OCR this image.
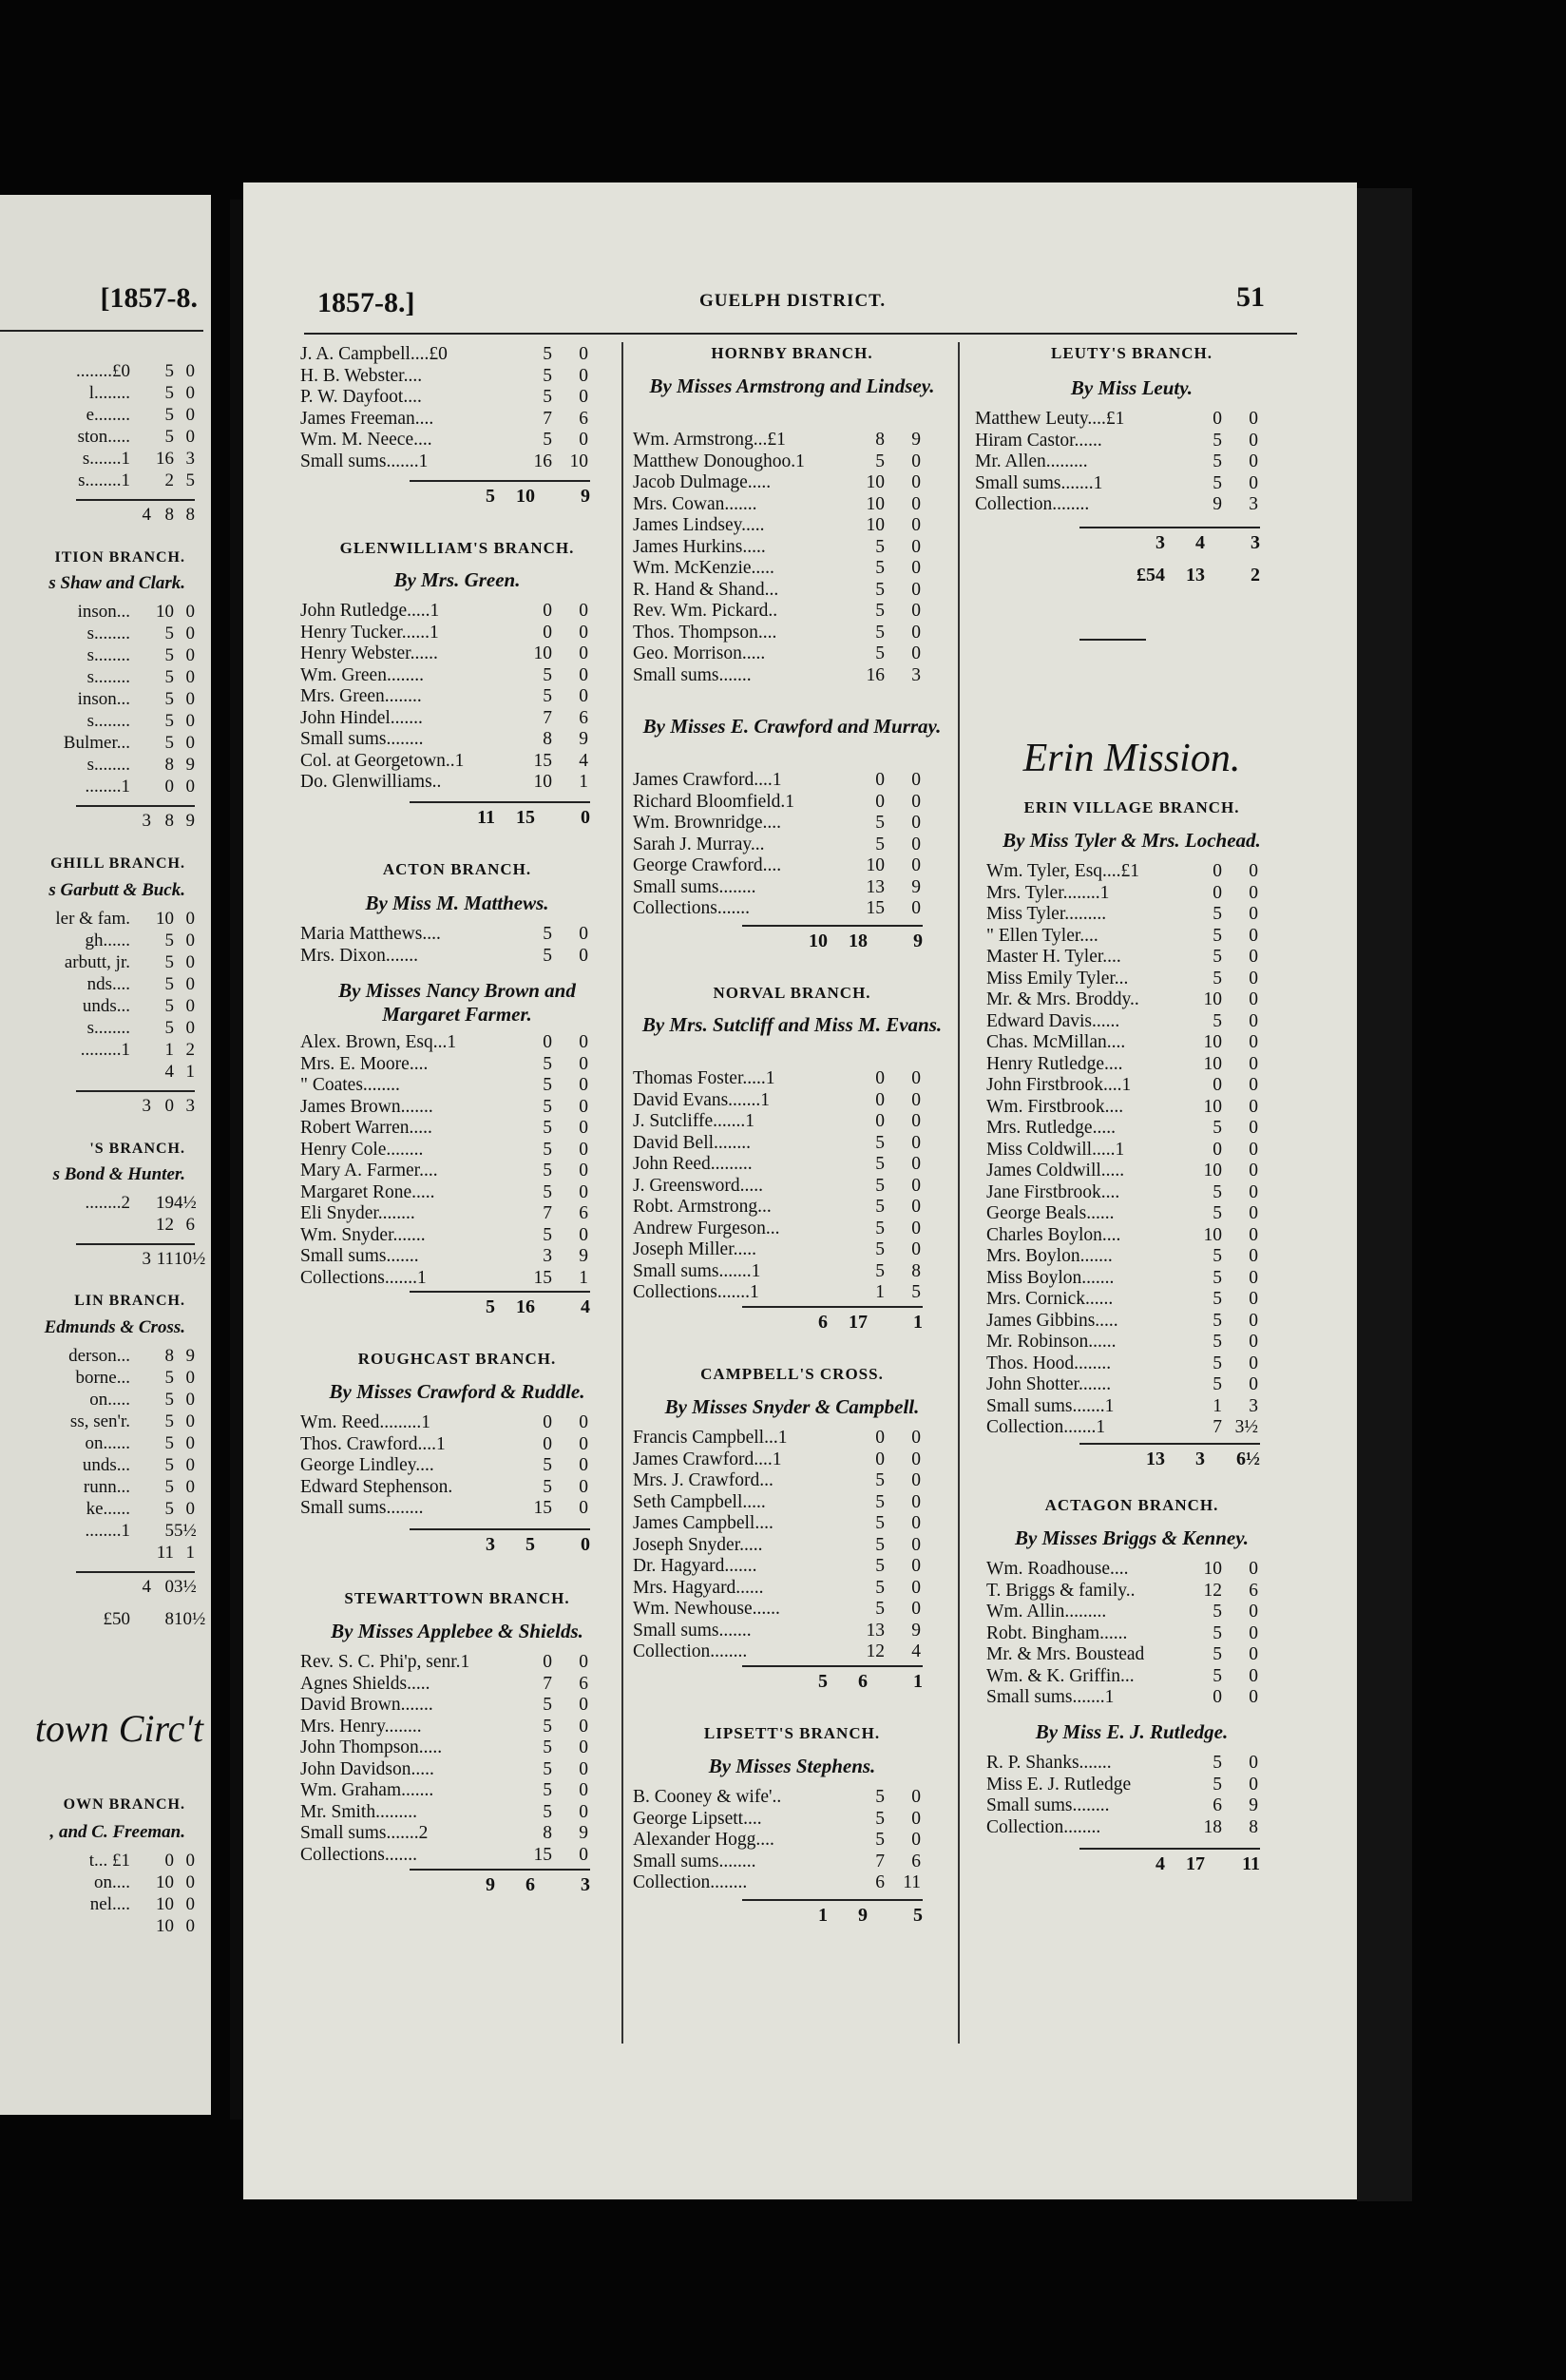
[1857-8.
........£0	5 0
l........	5 0
e........	5 0
ston.....	5 0
s.......1 16 3
s........1	2 5
4 8 8
ITION BRANCH.
s Shaw and Clark.
inson... 10 0
s........	5 0
s........	5 0
s........	5 0
inson...	5 0
s........	5 0
Bulmer...	5 0
s........	8 9
........1	0 0
3 8 9
GHILL BRANCH.
s Garbutt & Buck.
ler & fam. 10 0
gh......	5 0
arbutt, jr.	5 0
nds....	5 0
unds...	5 0
s........	5 0
.........1	1 2
4 1
3 0 3
'S BRANCH.
s Bond & Hunter.
........2 19 4½
12 6
3 11 10½
LIN BRANCH.
Edmunds & Cross.
derson...	8 9
borne...	5 0
on.....	5 0
ss, sen'r.	5 0
on......	5 0
unds...	5 0
runn...	5 0
ke......	5 0
........1	5 5½
11 1
4 0 3½
£50	8 10½
town Circ't
OWN BRANCH.
, and C. Freeman.
t... £1	0 0
on.... 10 0
nel.... 10 0
10 0
1857-8.]	GUELPH DISTRICT.	51
J. A. Campbell....£0	5	0
H. B. Webster....	5	0
P. W. Dayfoot....	5	0
James Freeman....	7	6
Wm. M. Neece....	5	0
Small sums.......1	16 10
5	10	9
GLENWILLIAM'S BRANCH.
By Mrs. Green.
John Rutledge.....1	0	0
Henry Tucker......1	0	0
Henry Webster......	10	0
Wm. Green........	5	0
Mrs. Green........	5	0
John Hindel.......	7	6
Small sums........	8	9
Col. at Georgetown..1	15	4
Do. Glenwilliams..	10	1
11	15	0
ACTON BRANCH.
By Miss M. Matthews.
Maria Matthews....	5	0
Mrs. Dixon.......	5	0
By Misses Nancy Brown and Margaret Farmer.
Alex. Brown, Esq...1	0	0
Mrs. E. Moore....	5	0
" Coates........	5	0
James Brown.......	5	0
Robert Warren.....	5	0
Henry Cole........	5	0
Mary A. Farmer....	5	0
Margaret Rone.....	5	0
Eli Snyder........	7	6
Wm. Snyder.......	5	0
Small sums.......	3	9
Collections.......1	15	1
5	16	4
ROUGHCAST BRANCH.
By Misses Crawford & Ruddle.
Wm. Reed.........1	0	0
Thos. Crawford....1	0	0
George Lindley....	5	0
Edward Stephenson.	5	0
Small sums........	15	0
3	5	0
STEWARTTOWN BRANCH.
By Misses Applebee & Shields.
Rev. S. C. Phi'p, senr.1	0	0
Agnes Shields.....	7	6
David Brown.......	5	0
Mrs. Henry........	5	0
John Thompson.....	5	0
John Davidson.....	5	0
Wm. Graham.......	5	0
Mr. Smith.........	5	0
Small sums.......2	8	9
Collections.......	15	0
9	6	3
HORNBY BRANCH.
By Misses Armstrong and Lindsey.
Wm. Armstrong...£1	8	9
Matthew Donoughoo.1	5	0
Jacob Dulmage.....	10	0
Mrs. Cowan.......	10	0
James Lindsey.....	10	0
James Hurkins.....	5	0
Wm. McKenzie.....	5	0
R. Hand & Shand...	5	0
Rev. Wm. Pickard..	5	0
Thos. Thompson....	5	0
Geo. Morrison.....	5	0
Small sums.......	16	3
By Misses E. Crawford and Murray.
James Crawford....1	0	0
Richard Bloomfield.1	0	0
Wm. Brownridge....	5	0
Sarah J. Murray...	5	0
George Crawford....	10	0
Small sums........	13	9
Collections.......	15	0
10	18	9
NORVAL BRANCH.
By Mrs. Sutcliff and Miss M. Evans.
Thomas Foster.....1	0	0
David Evans.......1	0	0
J. Sutcliffe.......1	0	0
David Bell........	5	0
John Reed.........	5	0
J. Greensword.....	5	0
Robt. Armstrong...	5	0
Andrew Furgeson...	5	0
Joseph Miller.....	5	0
Small sums.......1	5	8
Collections.......1	1	5
6	17	1
CAMPBELL'S CROSS.
By Misses Snyder & Campbell.
Francis Campbell...1	0	0
James Crawford....1	0	0
Mrs. J. Crawford...	5	0
Seth Campbell.....	5	0
James Campbell....	5	0
Joseph Snyder.....	5	0
Dr. Hagyard.......	5	0
Mrs. Hagyard......	5	0
Wm. Newhouse......	5	0
Small sums.......	13	9
Collection........	12	4
5	6	1
LIPSETT'S BRANCH.
By Misses Stephens.
B. Cooney & wife'..	5	0
George Lipsett....	5	0
Alexander Hogg....	5	0
Small sums........	7	6
Collection........	6 11
1	9	5
LEUTY'S BRANCH.
By Miss Leuty.
Matthew Leuty....£1	0	0
Hiram Castor......	5	0
Mr. Allen.........	5	0
Small sums.......1	5	0
Collection........	9	3
3	4	3
£54	13	2
Erin Mission.
ERIN VILLAGE BRANCH.
By Miss Tyler & Mrs. Lochead.
Wm. Tyler, Esq....£1	0	0
Mrs. Tyler........1	0	0
Miss Tyler.........	5	0
" Ellen Tyler....	5	0
Master H. Tyler....	5	0
Miss Emily Tyler...	5	0
Mr. & Mrs. Broddy..	10	0
Edward Davis......	5	0
Chas. McMillan....	10	0
Henry Rutledge....	10	0
John Firstbrook....1	0	0
Wm. Firstbrook....	10	0
Mrs. Rutledge.....	5	0
Miss Coldwill.....1	0	0
James Coldwill.....	10	0
Jane Firstbrook....	5	0
George Beals......	5	0
Charles Boylon....	10	0
Mrs. Boylon.......	5	0
Miss Boylon.......	5	0
Mrs. Cornick......	5	0
James Gibbins.....	5	0
Mr. Robinson......	5	0
Thos. Hood........	5	0
John Shotter.......	5	0
Small sums.......1	1	3
Collection.......1	7 3½
13	3	6½
ACTAGON BRANCH.
By Misses Briggs & Kenney.
Wm. Roadhouse....	10	0
T. Briggs & family..	12	6
Wm. Allin.........	5	0
Robt. Bingham......	5	0
Mr. & Mrs. Boustead	5	0
Wm. & K. Griffin...	5	0
Small sums.......1	0	0
By Miss E. J. Rutledge.
R. P. Shanks.......	5	0
Miss E. J. Rutledge	5	0
Small sums........	6	9
Collection........	18	8
4	17	11
